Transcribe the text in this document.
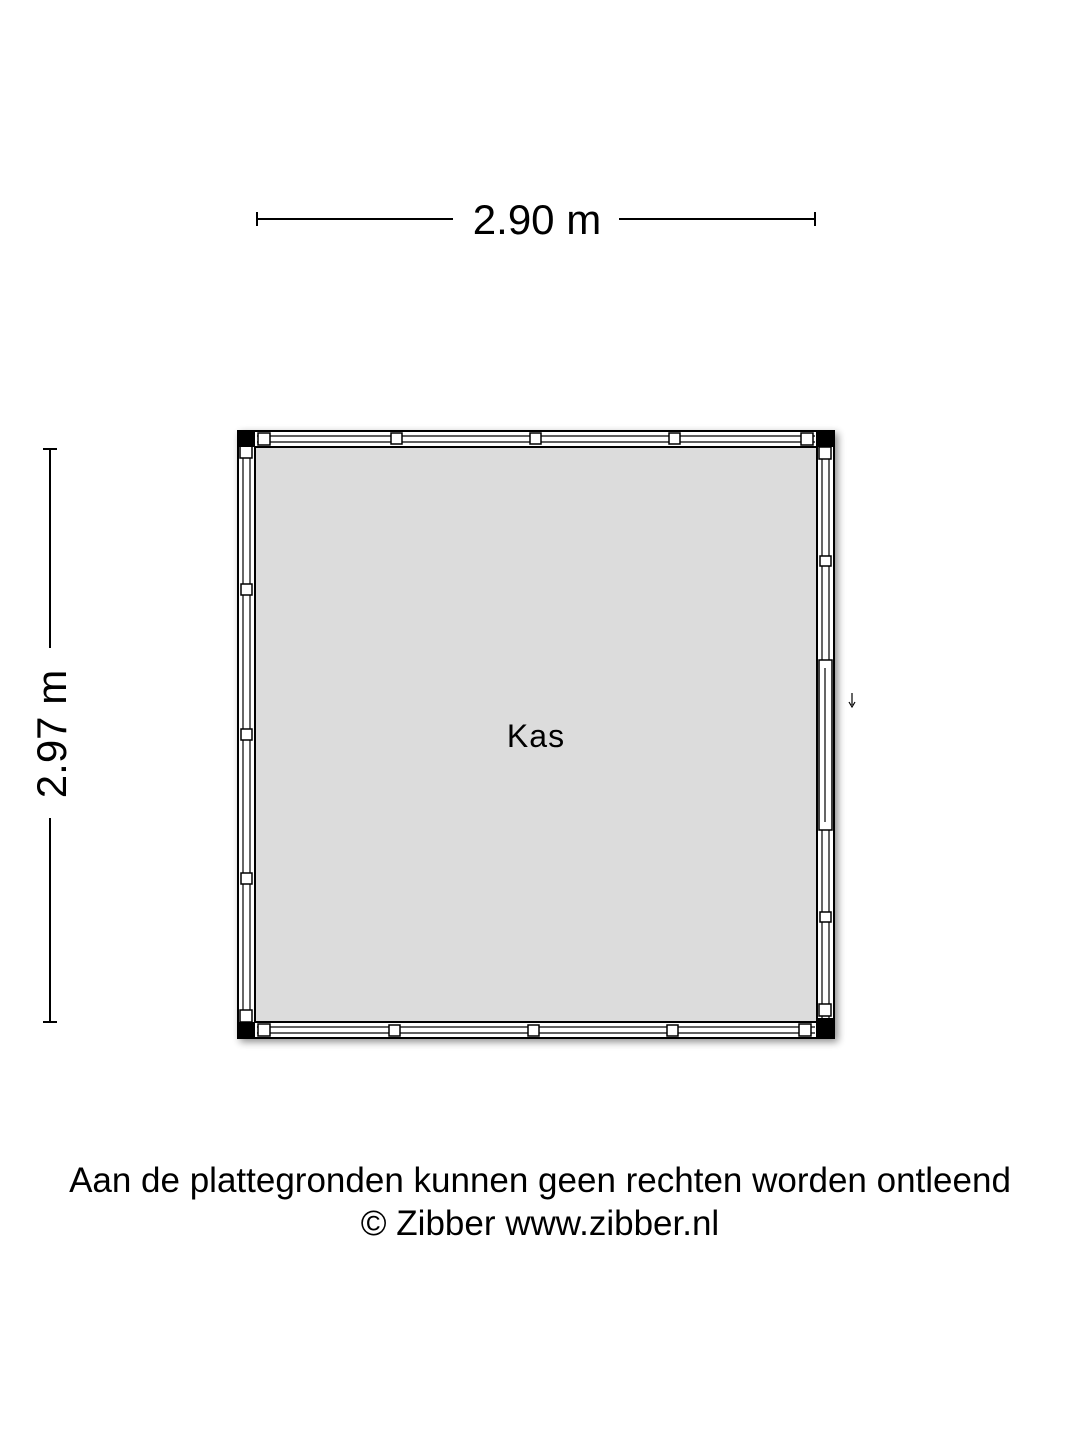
2.90 m
2.97 m	Kas
Aan de plattegronden kunnen geen rechten worden ontleend
© Zibber www.zibber.nl
